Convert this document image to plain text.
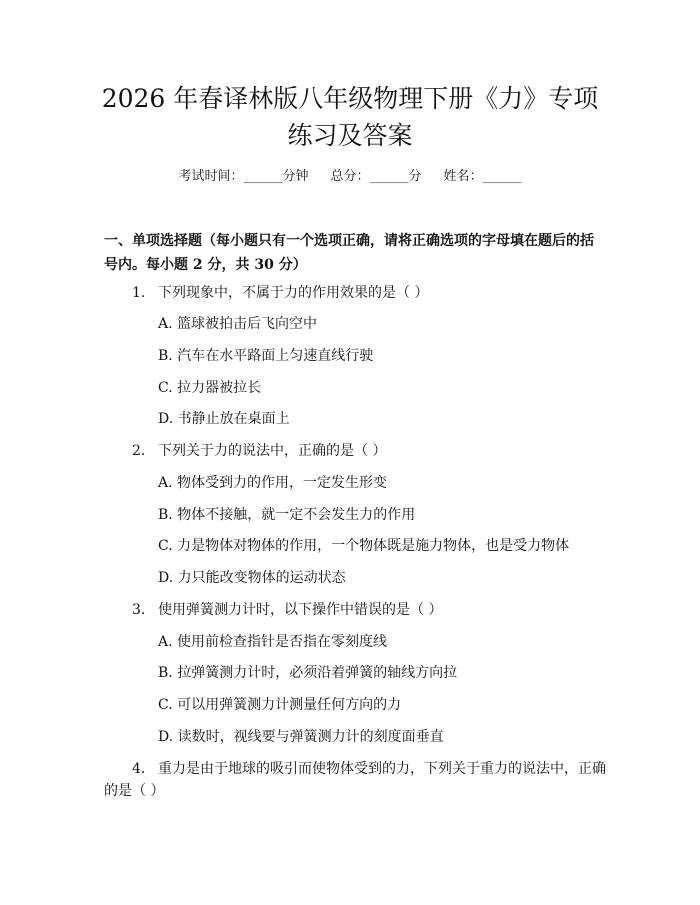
2026 年春译林版八年级物理下册《力》专项
练习及答案
考试时间：______分钟 总分：______分 姓名：______
一、单项选择题（每小题只有一个选项正确，请将正确选项的字母填在题后的括
号内。每小题 2 分，共 30 分）
1. 下列现象中，不属于力的作用效果的是（ ）
A. 篮球被拍击后飞向空中
B. 汽车在水平路面上匀速直线行驶
C. 拉力器被拉长
D. 书静止放在桌面上
2. 下列关于力的说法中，正确的是（ ）
A. 物体受到力的作用，一定发生形变
B. 物体不接触，就一定不会发生力的作用
C. 力是物体对物体的作用，一个物体既是施力物体，也是受力物体
D. 力只能改变物体的运动状态
3. 使用弹簧测力计时，以下操作中错误的是（ ）
A. 使用前检查指针是否指在零刻度线
B. 拉弹簧测力计时，必须沿着弹簧的轴线方向拉
C. 可以用弹簧测力计测量任何方向的力
D. 读数时，视线要与弹簧测力计的刻度面垂直
4. 重力是由于地球的吸引而使物体受到的力，下列关于重力的说法中，正确
的是（ ）
